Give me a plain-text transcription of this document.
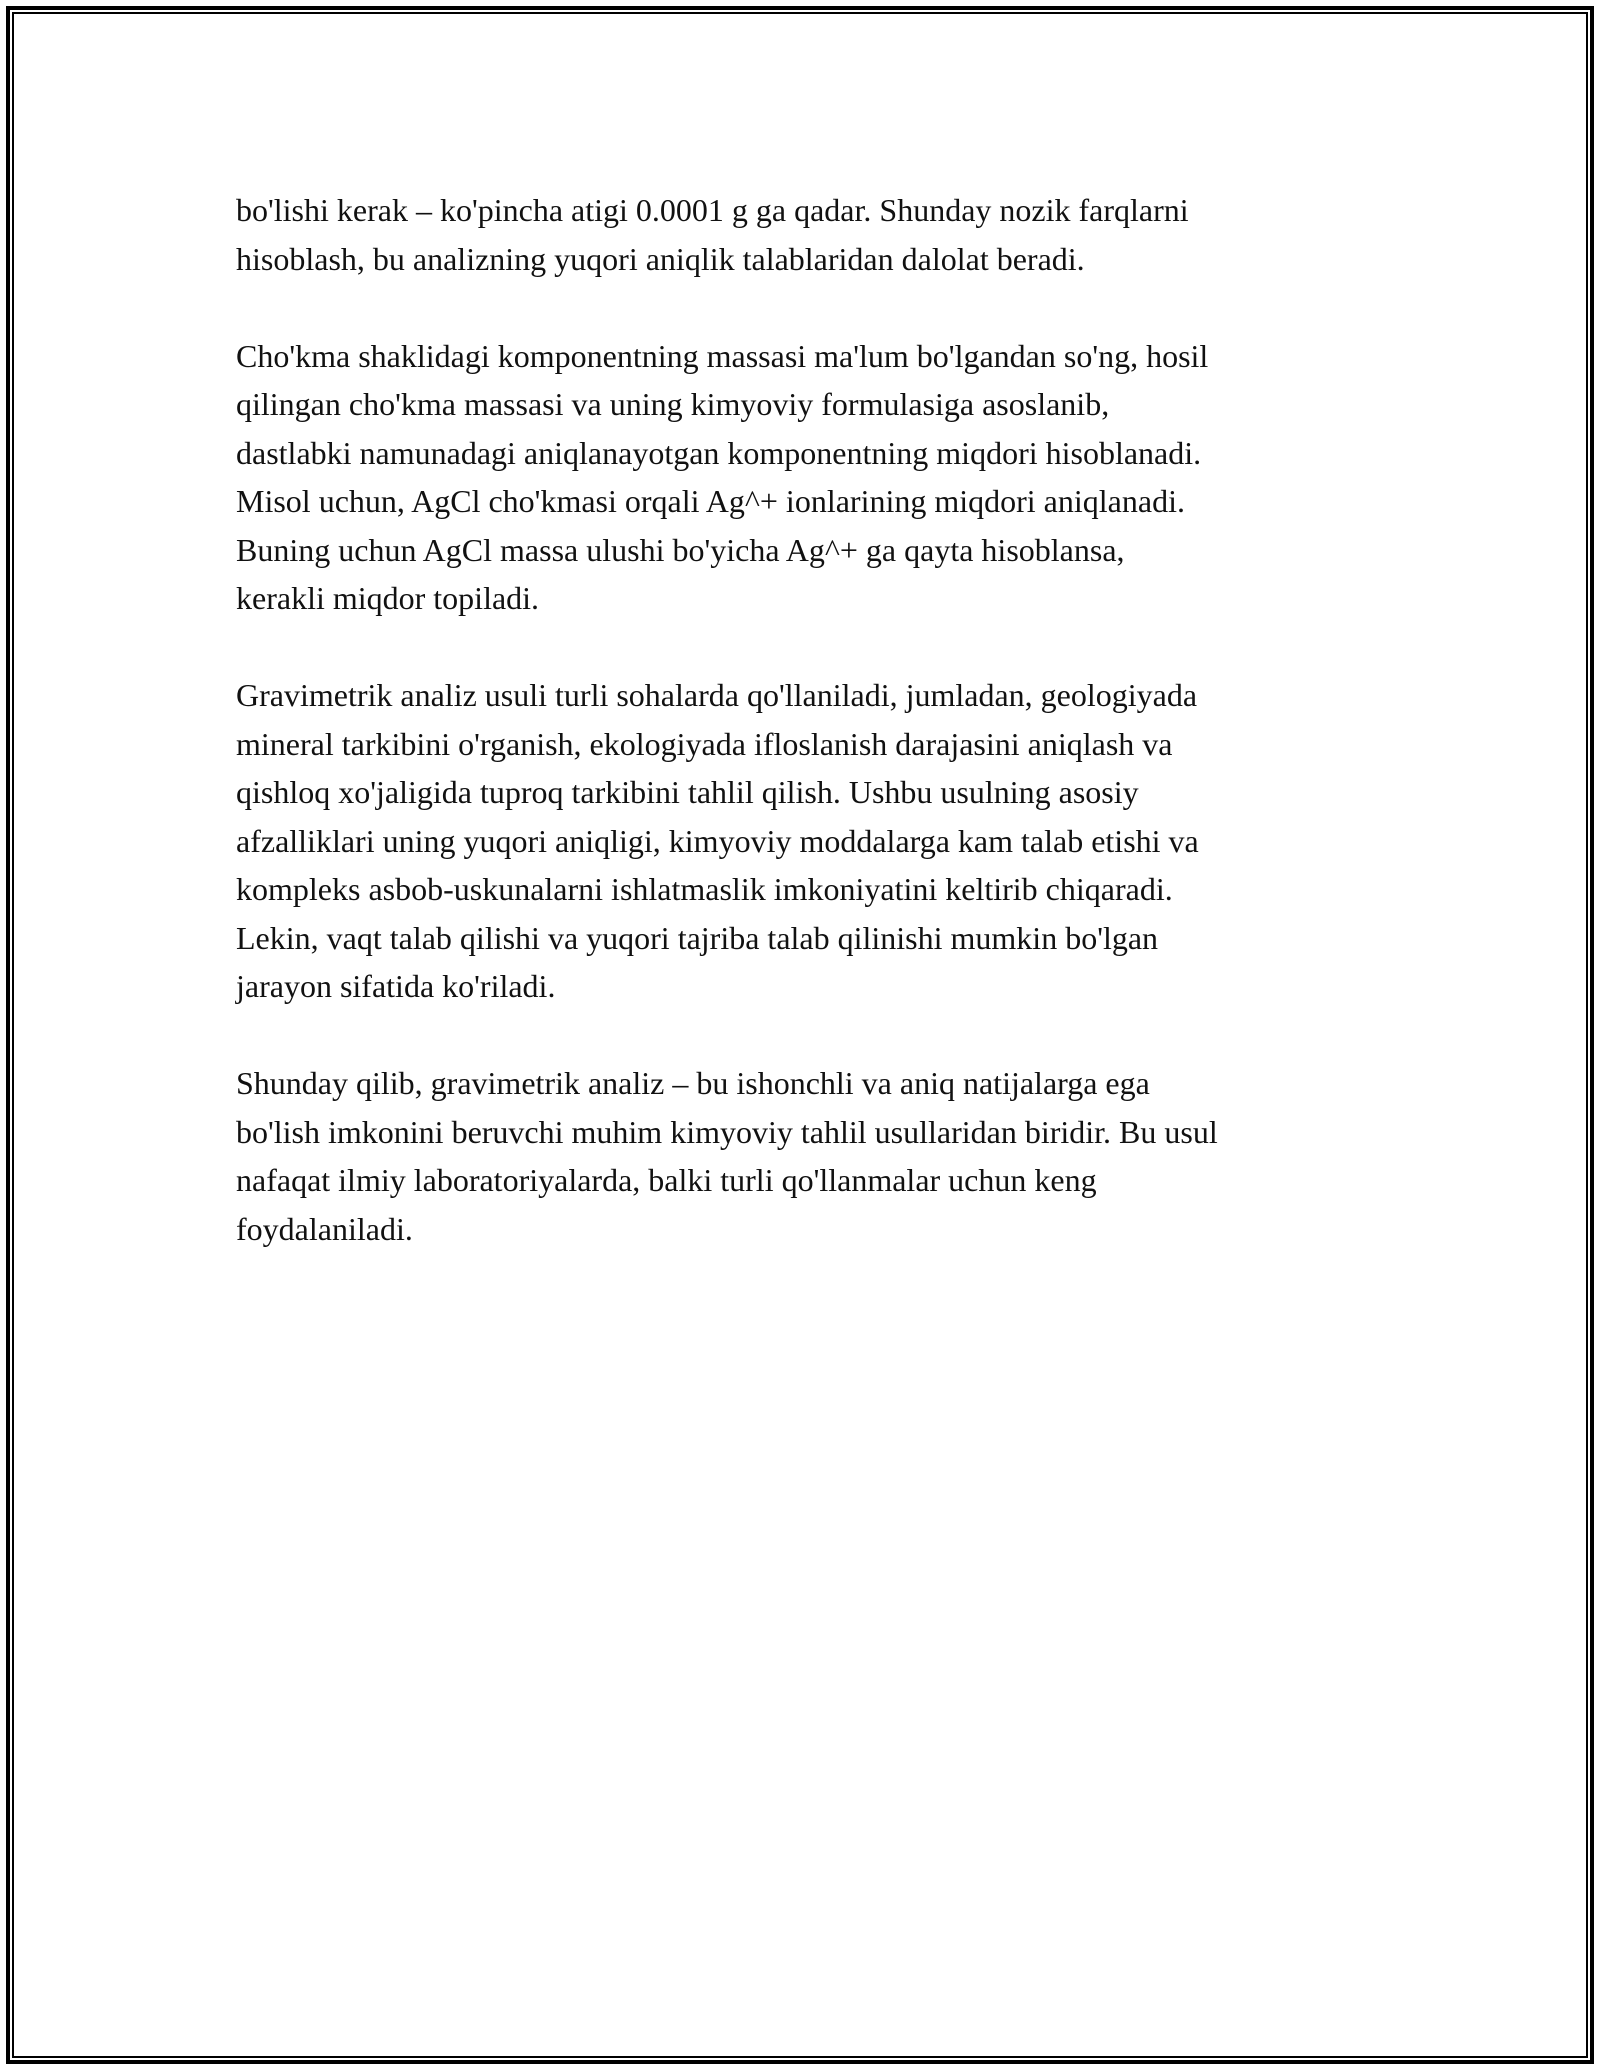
bo'lishi kerak – ko'pincha atigi 0.0001 g ga qadar. Shunday nozik farqlarni
hisoblash, bu analizning yuqori aniqlik talablaridan dalolat beradi.

Cho'kma shaklidagi komponentning massasi ma'lum bo'lgandan so'ng, hosil
qilingan cho'kma massasi va uning kimyoviy formulasiga asoslanib,
dastlabki namunadagi aniqlanayotgan komponentning miqdori hisoblanadi.
Misol uchun, AgCl cho'kmasi orqali Ag^+ ionlarining miqdori aniqlanadi.
Buning uchun AgCl massa ulushi bo'yicha Ag^+ ga qayta hisoblansa,
kerakli miqdor topiladi.

Gravimetrik analiz usuli turli sohalarda qo'llaniladi, jumladan, geologiyada
mineral tarkibini o'rganish, ekologiyada ifloslanish darajasini aniqlash va
qishloq xo'jaligida tuproq tarkibini tahlil qilish. Ushbu usulning asosiy
afzalliklari uning yuqori aniqligi, kimyoviy moddalarga kam talab etishi va
kompleks asbob-uskunalarni ishlatmaslik imkoniyatini keltirib chiqaradi.
Lekin, vaqt talab qilishi va yuqori tajriba talab qilinishi mumkin bo'lgan
jarayon sifatida ko'riladi.

Shunday qilib, gravimetrik analiz – bu ishonchli va aniq natijalarga ega
bo'lish imkonini beruvchi muhim kimyoviy tahlil usullaridan biridir. Bu usul
nafaqat ilmiy laboratoriyalarda, balki turli qo'llanmalar uchun keng
foydalaniladi.
